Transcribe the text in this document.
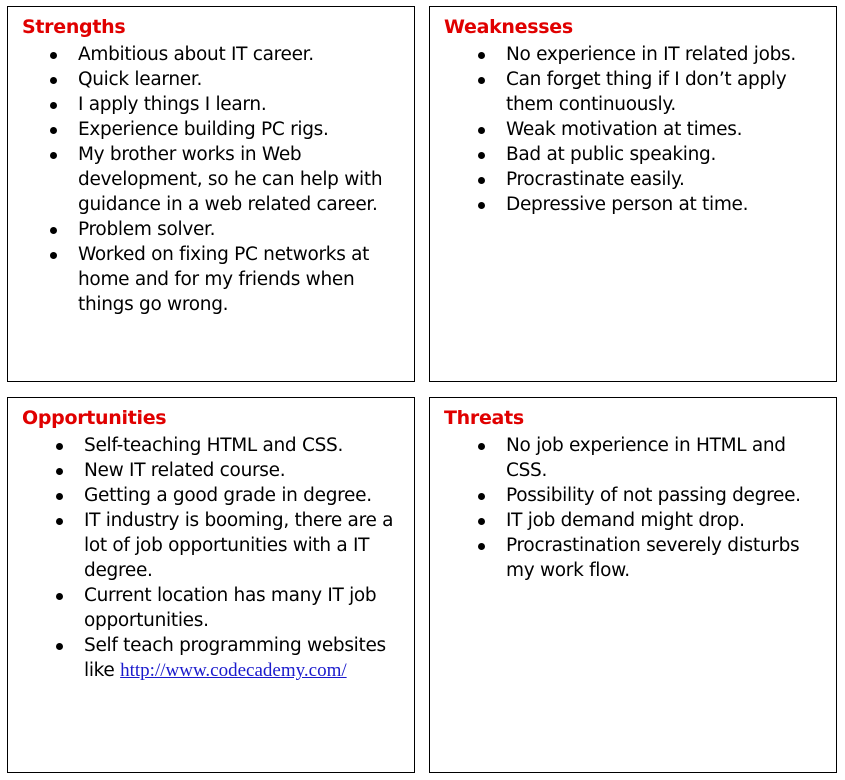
Strengths
Ambitious about IT career.
Quick learner.
I apply things I learn.
Experience building PC rigs.
My brother works in Web development, so he can help with guidance in a web related career.
Problem solver.
Worked on fixing PC networks at home and for my friends when things go wrong.
Weaknesses
No experience in IT related jobs.
Can forget thing if I don’t apply them continuously.
Weak motivation at times.
Bad at public speaking.
Procrastinate easily.
Depressive person at time.
Opportunities
Self-teaching HTML and CSS.
New IT related course.
Getting a good grade in degree.
IT industry is booming, there are a lot of job opportunities with a IT degree.
Current location has many IT job opportunities.
Self teach programming websites like http://www.codecademy.com/
Threats
No job experience in HTML and CSS.
Possibility of not passing degree.
IT job demand might drop.
Procrastination severely disturbs my work flow.
